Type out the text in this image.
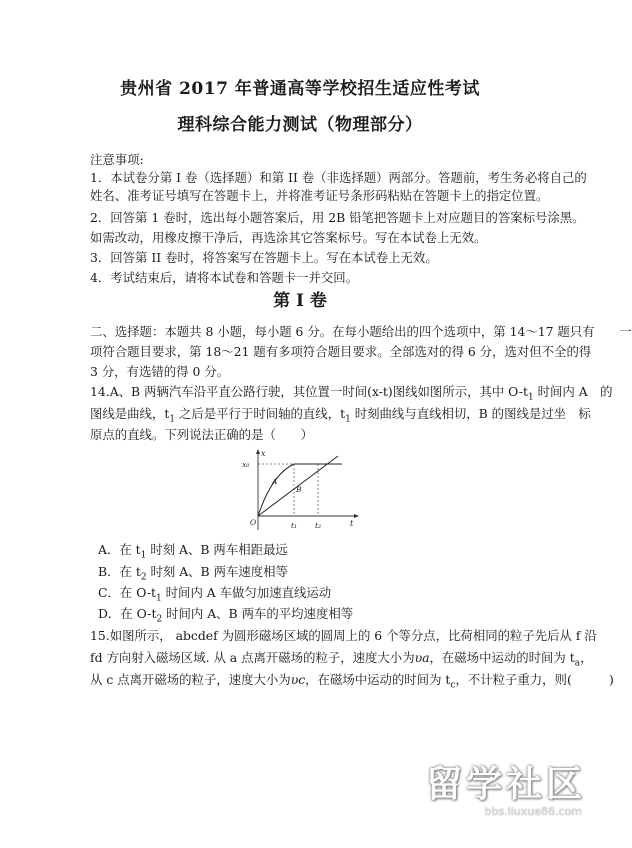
贵州省 2017 年普通高等学校招生适应性考试
理科综合能力测试（物理部分）
注意事项:
1．本试卷分第 I 卷（选择题）和第 II 卷（非选择题）两部分。答题前，考生务必将自己的
姓名、准考证号填写在答题卡上，并将准考证号条形码粘贴在答题卡上的指定位置。
2．回答第 1 卷时，选出每小题答案后，用 2B 铅笔把答题卡上对应题目的答案标号涂黑。
如需改动，用橡皮擦干净后，再选涂其它答案标号。写在本试卷上无效。
3．回答第 II 卷时，将答案写在答题卡上。写在本试卷上无效。
4．考试结束后，请将本试卷和答题卡一并交回。
第 I 卷
二、选择题：本题共 8 小题，每小题 6 分。在每小题给出的四个选项中，第 14～17 题只有　　一
项符合题目要求，第 18～21 题有多项符合题目要求。全部选对的得 6 分，选对但不全的得
3 分，有选错的得 0 分。
14.A、B 两辆汽车沿平直公路行驶，其位置一时间(x-t)图线如图所示，其中 $O-t_1$ 时间内 A　的
图线是曲线，$t_1$ 之后是平行于时间轴的直线，$t_1$ 时刻曲线与直线相切，B 的图线是过坐　标
原点的直线。下列说法正确的是（　　）
x
x₀
A
B
O	t₁ t₂	t
A．在 $t_1$ 时刻 A、B 两车相距最远
B．在 $t_2$ 时刻 A、B 两车速度相等
C．在 $O-t_1$ 时间内 A 车做匀加速直线运动
D．在 $O-t_2$ 时间内 A、B 两车的平均速度相等
15.如图所示， abcdef 为圆形磁场区域的圆周上的 6 个等分点，比荷相同的粒子先后从 f 沿
fd 方向射入磁场区域. 从 a 点离开磁场的粒子，速度大小为υa，在磁场中运动的时间为 $t_a$，
从 c 点离开磁场的粒子，速度大小为υc，在磁场中运动的时间为 $t_c$，不计粒子重力，则(　　　)
留学社区
bbs.liuxue86.com
